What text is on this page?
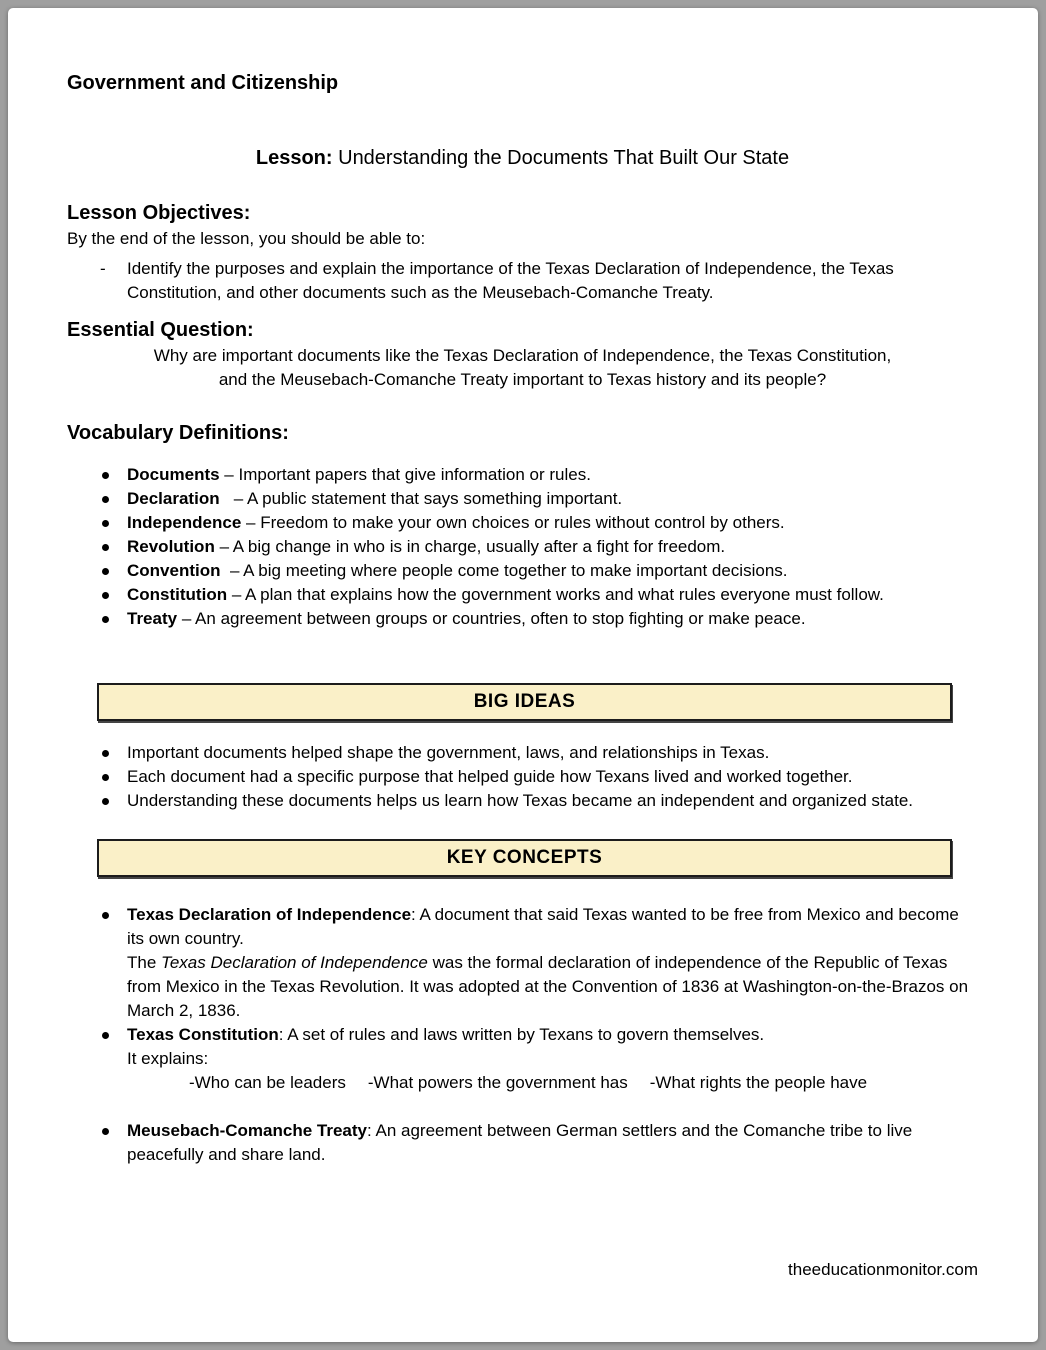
Government and Citizenship
Lesson: Understanding the Documents That Built Our State
Lesson Objectives:

By the end of the lesson, you should be able to:

-	Identify the purposes and explain the importance of the Texas Declaration of Independence, the Texas Constitution, and other documents such as the Meusebach-Comanche Treaty.
Essential Question:

Why are important documents like the Texas Declaration of Independence, the Texas Constitution,

and the Meusebach-Comanche Treaty important to Texas history and its people?

Vocabulary Definitions:
Documents – Important papers that give information or rules.
Declaration   – A public statement that says something important.
Independence – Freedom to make your own choices or rules without control by others.
Revolution – A big change in who is in charge, usually after a fight for freedom.
Convention  – A big meeting where people come together to make important decisions.
Constitution – A plan that explains how the government works and what rules everyone must follow.
Treaty – An agreement between groups or countries, often to stop fighting or make peace.
BIG IDEAS
Important documents helped shape the government, laws, and relationships in Texas.
Each document had a specific purpose that helped guide how Texans lived and worked together.
Understanding these documents helps us learn how Texas became an independent and organized state.
KEY CONCEPTS
Texas Declaration of Independence: A document that said Texas wanted to be free from Mexico and become its own country.
The Texas Declaration of Independence was the formal declaration of independence of the Republic of Texas from Mexico in the Texas Revolution. It was adopted at the Convention of 1836 at Washington-on-the-Brazos on March 2, 1836.
Texas Constitution: A set of rules and laws written by Texans to govern themselves.
It explains:
-Who can be leaders -What powers the government has -What rights the people have
Meusebach-Comanche Treaty: An agreement between German settlers and the Comanche tribe to live peacefully and share land.
theeducationmonitor.com
